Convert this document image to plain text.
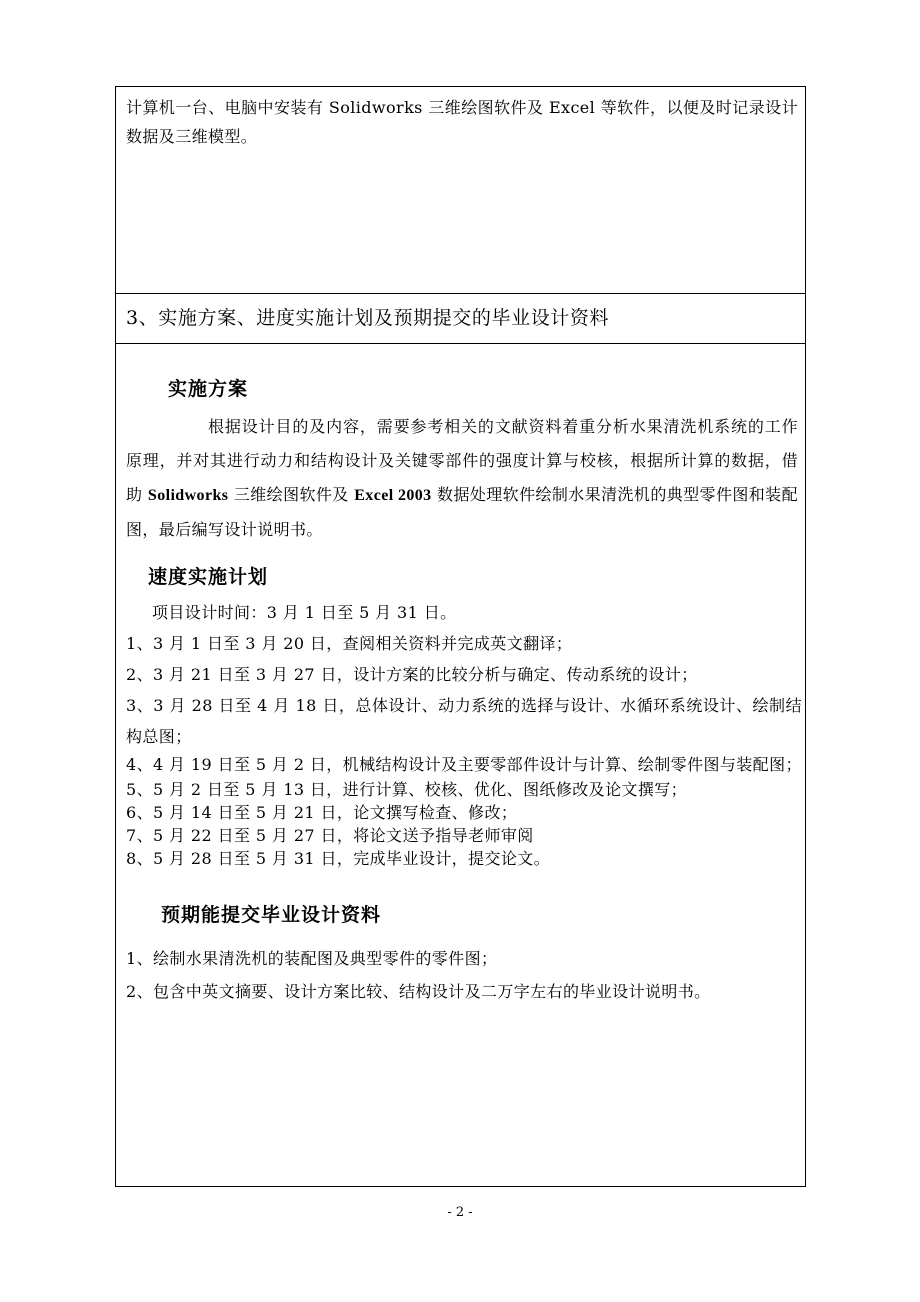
计算机一台、电脑中安装有 Solidworks 三维绘图软件及 Excel 等软件，以便及时记录设计数据及三维模型。
3、实施方案、进度实施计划及预期提交的毕业设计资料
实施方案
根据设计目的及内容，需要参考相关的文献资料着重分析水果清洗机系统的工作原理，并对其进行动力和结构设计及关键零部件的强度计算与校核，根据所计算的数据，借助 Solidworks 三维绘图软件及 Excel 2003 数据处理软件绘制水果清洗机的典型零件图和装配图，最后编写设计说明书。
速度实施计划
项目设计时间：3 月 1 日至 5 月 31 日。
1、3 月 1 日至 3 月 20 日，查阅相关资料并完成英文翻译；
2、3 月 21 日至 3 月 27 日，设计方案的比较分析与确定、传动系统的设计；
3、3 月 28 日至 4 月 18 日，总体设计、动力系统的选择与设计、水循环系统设计、绘制结构总图；
4、4 月 19 日至 5 月 2 日，机械结构设计及主要零部件设计与计算、绘制零件图与装配图；
5、5 月 2 日至 5 月 13 日，进行计算、校核、优化、图纸修改及论文撰写；
6、5 月 14 日至 5 月 21 日，论文撰写检查、修改；
7、5 月 22 日至 5 月 27 日，将论文送予指导老师审阅
8、5 月 28 日至 5 月 31 日，完成毕业设计，提交论文。
预期能提交毕业设计资料
1、绘制水果清洗机的装配图及典型零件的零件图；
2、包含中英文摘要、设计方案比较、结构设计及二万字左右的毕业设计说明书。
- 2 -
